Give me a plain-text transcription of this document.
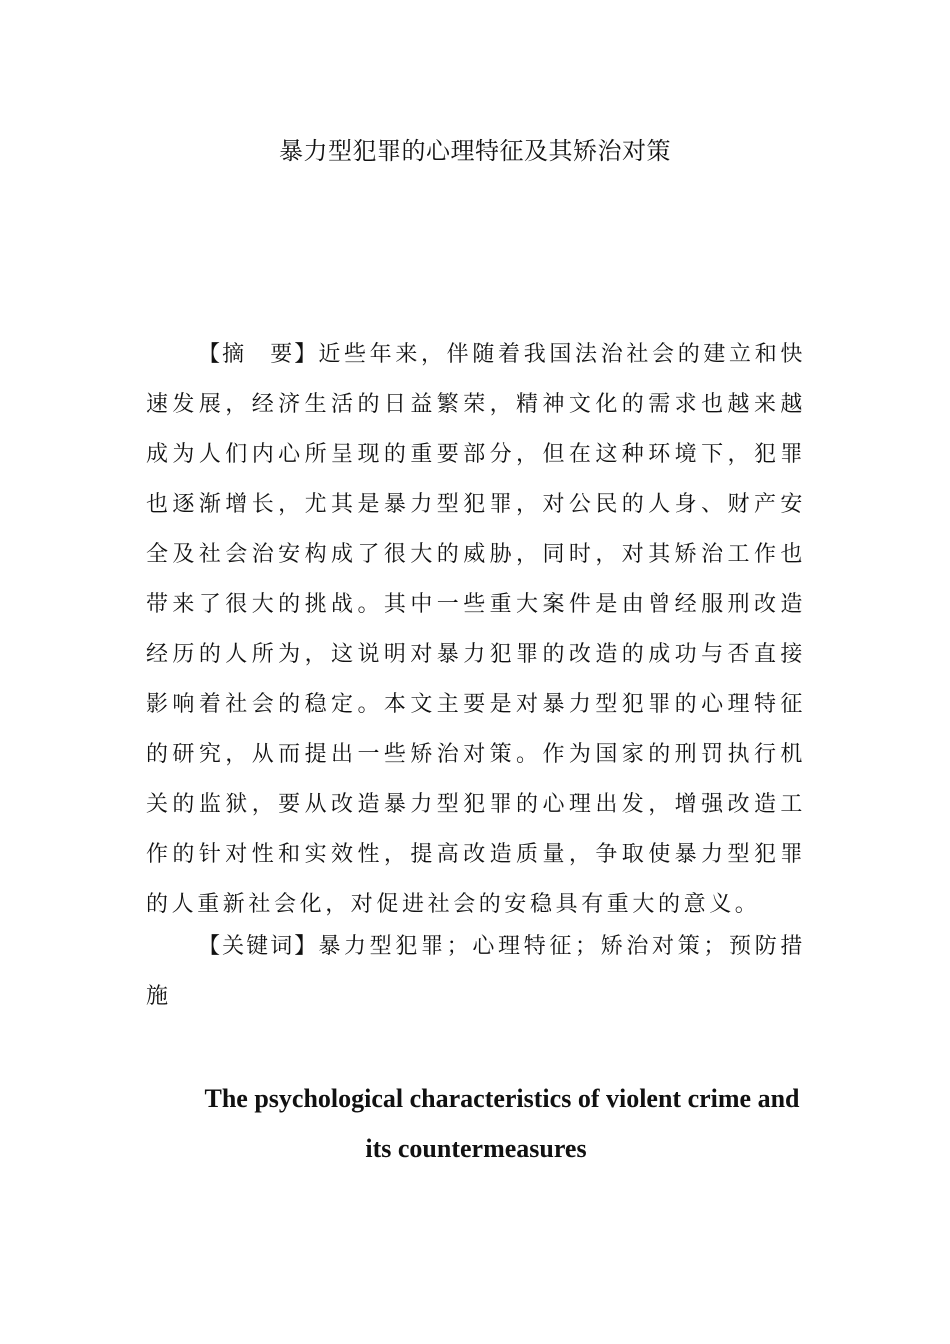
暴力型犯罪的心理特征及其矫治对策

【摘　要】近些年来，伴随着我国法治社会的建立和快速发展，经济生活的日益繁荣，精神文化的需求也越来越成为人们内心所呈现的重要部分，但在这种环境下，犯罪也逐渐增长，尤其是暴力型犯罪，对公民的人身、财产安全及社会治安构成了很大的威胁，同时，对其矫治工作也带来了很大的挑战。其中一些重大案件是由曾经服刑改造经历的人所为，这说明对暴力犯罪的改造的成功与否直接影响着社会的稳定。本文主要是对暴力型犯罪的心理特征的研究，从而提出一些矫治对策。作为国家的刑罚执行机关的监狱，要从改造暴力型犯罪的心理出发，增强改造工作的针对性和实效性，提高改造质量，争取使暴力型犯罪的人重新社会化，对促进社会的安稳具有重大的意义。

【关键词】暴力型犯罪；心理特征；矫治对策；预防措施

The psychological characteristics of violent crime and its countermeasures
